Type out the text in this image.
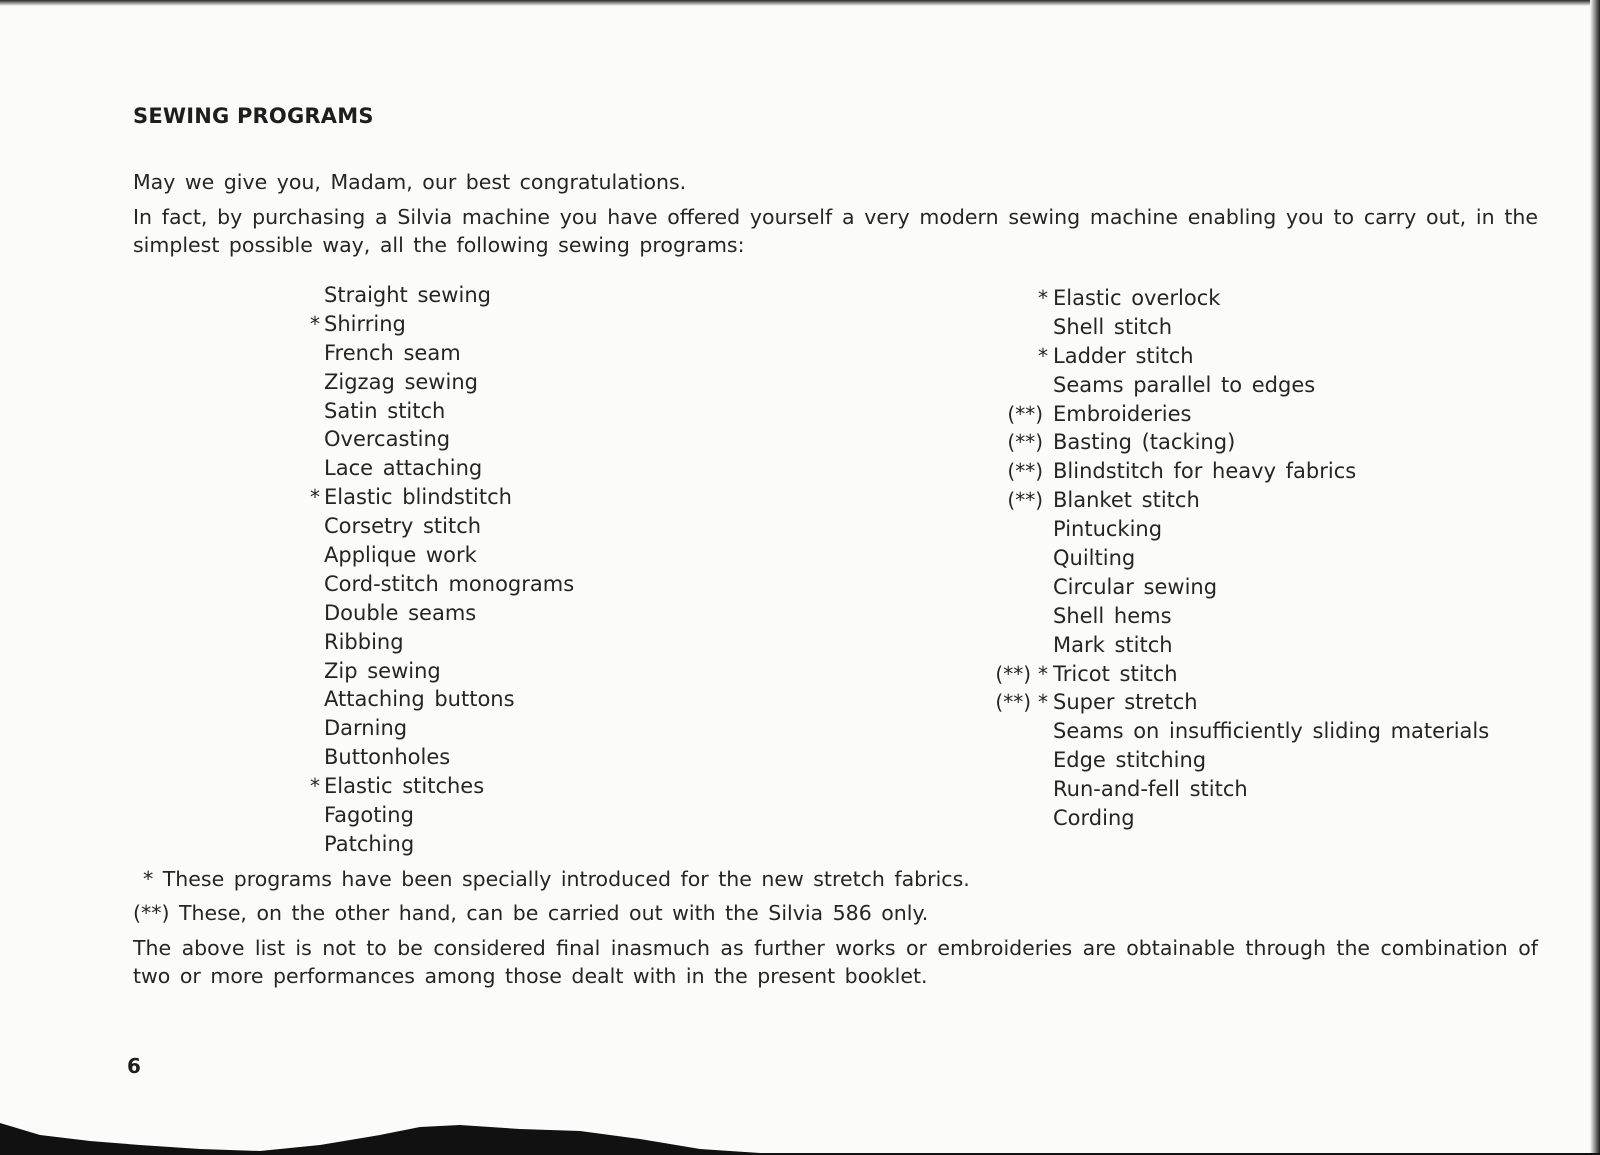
SEWING PROGRAMS

May we give you, Madam, our best congratulations.

In fact, by purchasing a Silvia machine you have offered yourself a very modern sewing machine enabling you to carry out, in the simplest possible way, all the following sewing programs:

Straight sewing
* Shirring
French seam
Zigzag sewing
Satin stitch
Overcasting
Lace attaching
* Elastic blindstitch
Corsetry stitch
Applique work
Cord-stitch monograms
Double seams
Ribbing
Zip sewing
Attaching buttons
Darning
Buttonholes
* Elastic stitches
Fagoting
Patching
* Elastic overlock
Shell stitch
* Ladder stitch
Seams parallel to edges
(**) Embroideries
(**) Basting (tacking)
(**) Blindstitch for heavy fabrics
(**) Blanket stitch
Pintucking
Quilting
Circular sewing
Shell hems
Mark stitch
(**) * Tricot stitch
(**) * Super stretch
Seams on insufficiently sliding materials
Edge stitching
Run-and-fell stitch
Cording

* These programs have been specially introduced for the new stretch fabrics.

(**) These, on the other hand, can be carried out with the Silvia 586 only.

The above list is not to be considered final inasmuch as further works or embroideries are obtainable through the combination of two or more performances among those dealt with in the present booklet.

6
